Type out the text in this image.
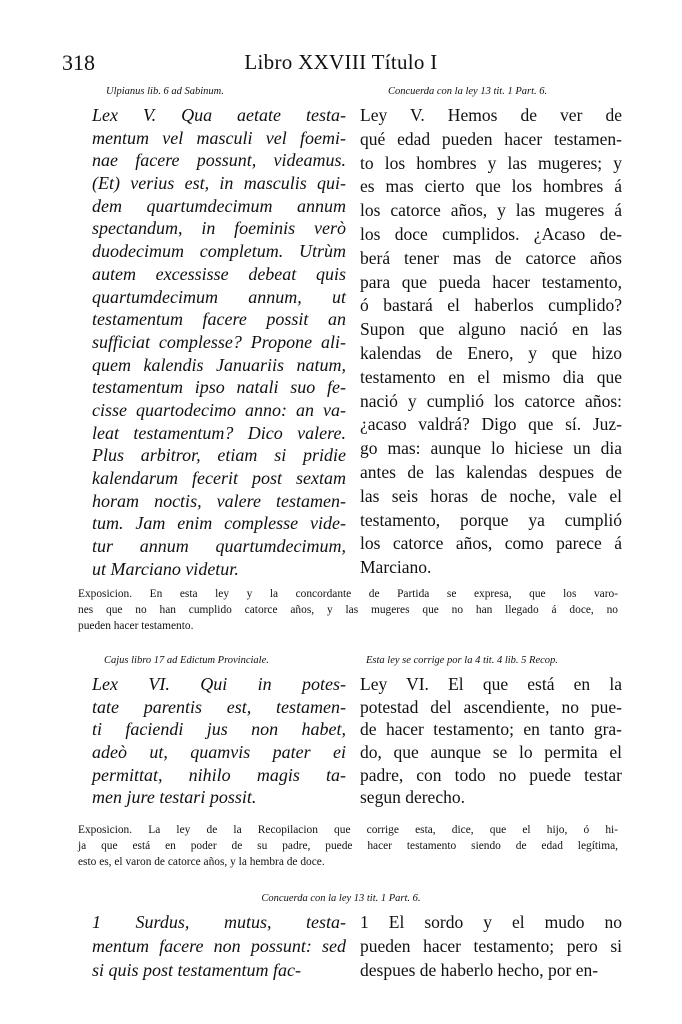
318	Libro XXVIII Título I
Ulpianus lib. 6 ad Sabinum.	Concuerda con la ley 13 tit. 1 Part. 6.
Lex V. Qua aetate testa-
mentum vel masculi vel foemi-
nae facere possunt, videamus.
(Et) verius est, in masculis qui-
dem quartumdecimum annum
spectandum, in foeminis verò
duodecimum completum. Utrùm
autem excessisse debeat quis
quartumdecimum annum, ut
testamentum facere possit an
sufficiat complesse? Propone ali-
quem kalendis Januariis natum,
testamentum ipso natali suo fe-
cisse quartodecimo anno: an va-
leat testamentum? Dico valere.
Plus arbitror, etiam si pridie
kalendarum fecerit post sextam
horam noctis, valere testamen-
tum. Jam enim complesse vide-
tur annum quartumdecimum,
ut Marciano videtur.
Ley V. Hemos de ver de
qué edad pueden hacer testamen-
to los hombres y las mugeres; y
es mas cierto que los hombres á
los catorce años, y las mugeres á
los doce cumplidos. ¿Acaso de-
berá tener mas de catorce años
para que pueda hacer testamento,
ó bastará el haberlos cumplido?
Supon que alguno nació en las
kalendas de Enero, y que hizo
testamento en el mismo dia que
nació y cumplió los catorce años:
¿acaso valdrá? Digo que sí. Juz-
go mas: aunque lo hiciese un dia
antes de las kalendas despues de
las seis horas de noche, vale el
testamento, porque ya cumplió
los catorce años, como parece á
Marciano.
Exposicion. En esta ley y la concordante de Partida se expresa, que los varo-
nes que no han cumplido catorce años, y las mugeres que no han llegado á doce, no
pueden hacer testamento.
Cajus libro 17 ad Edictum Provinciale.	Esta ley se corrige por la 4 tit. 4 lib. 5 Recop.
Lex VI. Qui in potes-
tate parentis est, testamen-
ti faciendi jus non habet,
adeò ut, quamvis pater ei
permittat, nihilo magis ta-
men jure testari possit.
Ley VI. El que está en la
potestad del ascendiente, no pue-
de hacer testamento; en tanto gra-
do, que aunque se lo permita el
padre, con todo no puede testar
segun derecho.
Exposicion. La ley de la Recopilacion que corrige esta, dice, que el hijo, ó hi-
ja que está en poder de su padre, puede hacer testamento siendo de edad legítima,
esto es, el varon de catorce años, y la hembra de doce.
Concuerda con la ley 13 tit. 1 Part. 6.
1 Surdus, mutus, testa-
mentum facere non possunt: sed
si quis post testamentum fac-
1 El sordo y el mudo no
pueden hacer testamento; pero si
despues de haberlo hecho, por en-
